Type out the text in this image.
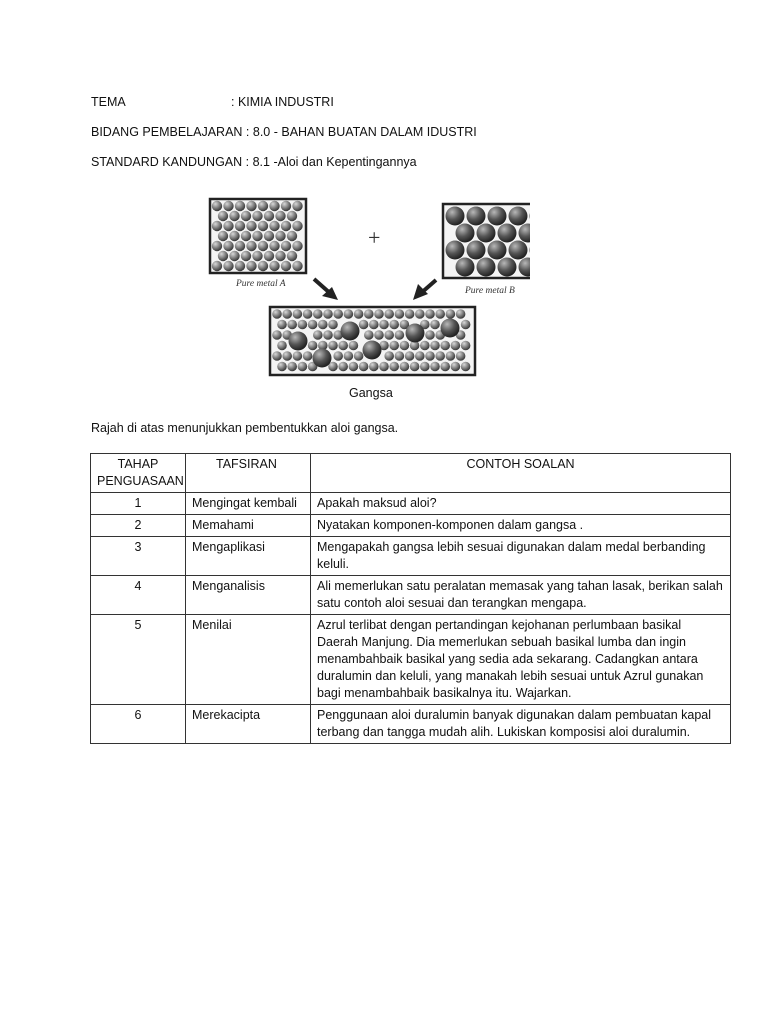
TEMA	: KIMIA INDUSTRI
BIDANG PEMBELAJARAN : 8.0 - BAHAN BUATAN DALAM IDUSTRI
STANDARD KANDUNGAN : 8.1 -Aloi dan Kepentingannya
+
Pure metal A
Pure metal B
Gangsa
Rajah di atas menunjukkan pembentukkan aloi gangsa.
TAHAP PENGUASAAN	TAFSIRAN	CONTOH SOALAN
1	Mengingat kembali	Apakah maksud aloi?
2	Memahami	Nyatakan komponen-komponen dalam gangsa .
3	Mengaplikasi	Mengapakah gangsa lebih sesuai digunakan dalam medal berbanding keluli.
4	Menganalisis	Ali memerlukan satu peralatan memasak yang tahan lasak, berikan salah satu contoh aloi sesuai dan terangkan mengapa.
5	Menilai	Azrul terlibat dengan pertandingan kejohanan perlumbaan basikal Daerah Manjung. Dia memerlukan sebuah basikal lumba dan ingin menambahbaik basikal yang sedia ada sekarang. Cadangkan antara duralumin dan keluli, yang manakah lebih sesuai untuk Azrul gunakan bagi menambahbaik basikalnya itu. Wajarkan.
6	Merekacipta	Penggunaan aloi duralumin banyak digunakan dalam pembuatan kapal terbang dan tangga mudah alih. Lukiskan komposisi aloi duralumin.
